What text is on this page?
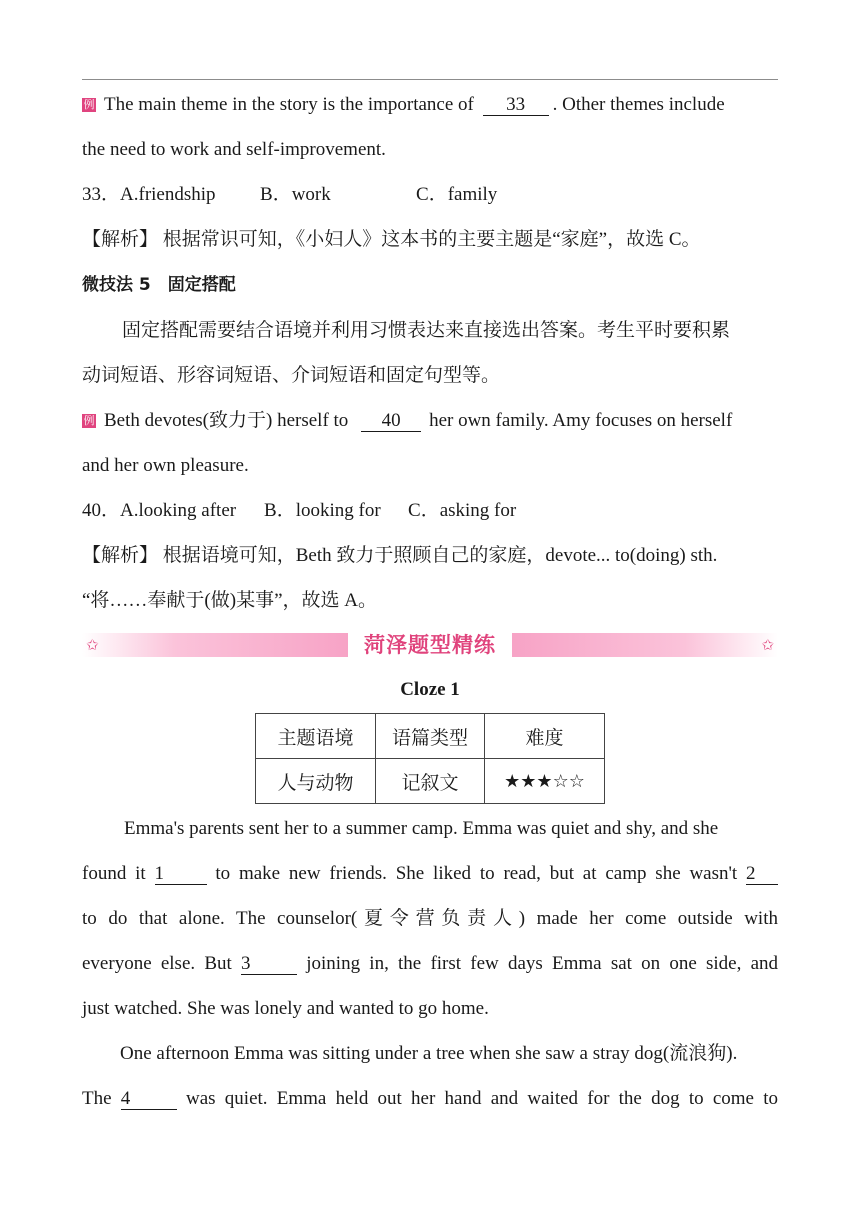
例 The main theme in the story is the importance of 33 . Other themes include
the need to work and self-improvement.
33．A.friendship B．work	C．family
【解析】 根据常识可知，《小妇人》这本书的主要主题是“家庭”，故选 C。
微技法 5　固定搭配
固定搭配需要结合语境并利用习惯表达来直接选出答案。考生平时要积累
动词短语、形容词短语、介词短语和固定句型等。
例 Beth devotes(致力于) herself to 40 her own family. Amy focuses on herself
and her own pleasure.
40．A.looking after B．looking for C．asking for
【解析】 根据语境可知，Beth 致力于照顾自己的家庭，devote... to(doing) sth.
“将……奉献于(做)某事”，故选 A。
✩	✩
菏泽题型精练
Cloze 1
主题语境	语篇类型	难度
人与动物	记叙文	★★★☆☆
Emma's parents sent her to a summer camp. Emma was quiet and shy, and she
found it 1	to make new friends. She liked to read, but at camp she wasn't 2
to do that alone. The counselor(夏令营负责人) made her come outside with
everyone else. But 3	joining in, the first few days Emma sat on one side, and
just watched. She was lonely and wanted to go home.
One afternoon Emma was sitting under a tree when she saw a stray dog(流浪狗).
The 4	was quiet. Emma held out her hand and waited for the dog to come to
